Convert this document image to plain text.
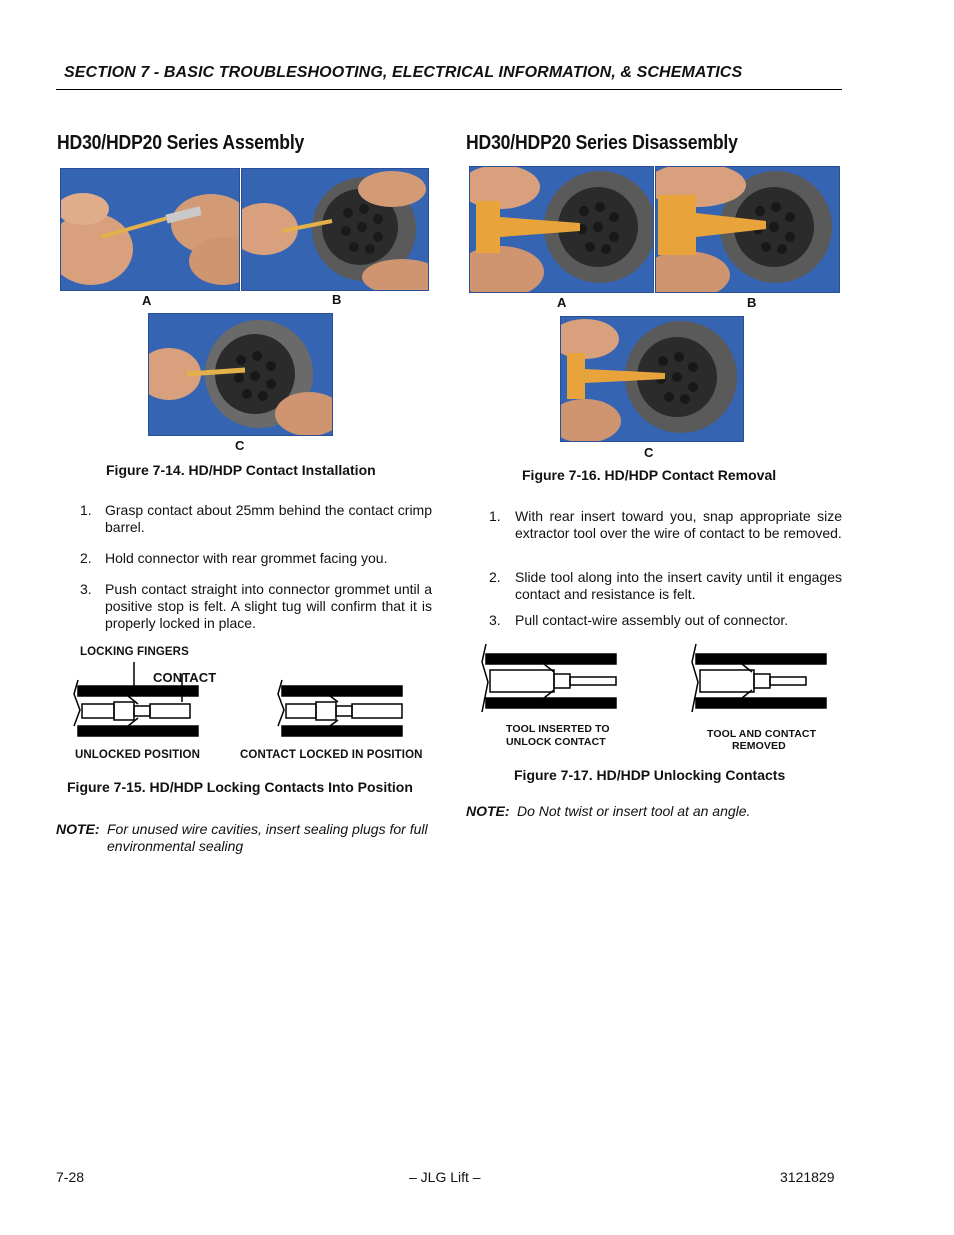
SECTION 7 - BASIC TROUBLESHOOTING, ELECTRICAL INFORMATION, & SCHEMATICS
HD30/HDP20 Series Assembly	HD30/HDP20 Series Disassembly
A	B
C
Figure 7-14. HD/HDP Contact Installation
1. Grasp contact about 25mm behind the contact crimp barrel.
2. Hold connector with rear grommet facing you.
3. Push contact straight into connector grommet until a positive stop is felt. A slight tug will confirm that it is properly locked in place.
LOCKING FINGERS
CONTACT
UNLOCKED POSITION	CONTACT LOCKED IN POSITION
Figure 7-15. HD/HDP Locking Contacts Into Position
NOTE: For unused wire cavities, insert sealing plugs for full environmental sealing
A	B
C
Figure 7-16. HD/HDP Contact Removal
1. With rear insert toward you, snap appropriate size extractor tool over the wire of contact to be removed.
2. Slide tool along into the insert cavity until it engages contact and resistance is felt.
3. Pull contact-wire assembly out of connector.
TOOL INSERTED TO
UNLOCK CONTACT
TOOL AND CONTACT
REMOVED
Figure 7-17. HD/HDP Unlocking Contacts
NOTE: Do Not twist or insert tool at an angle.
7-28	– JLG Lift –	3121829
